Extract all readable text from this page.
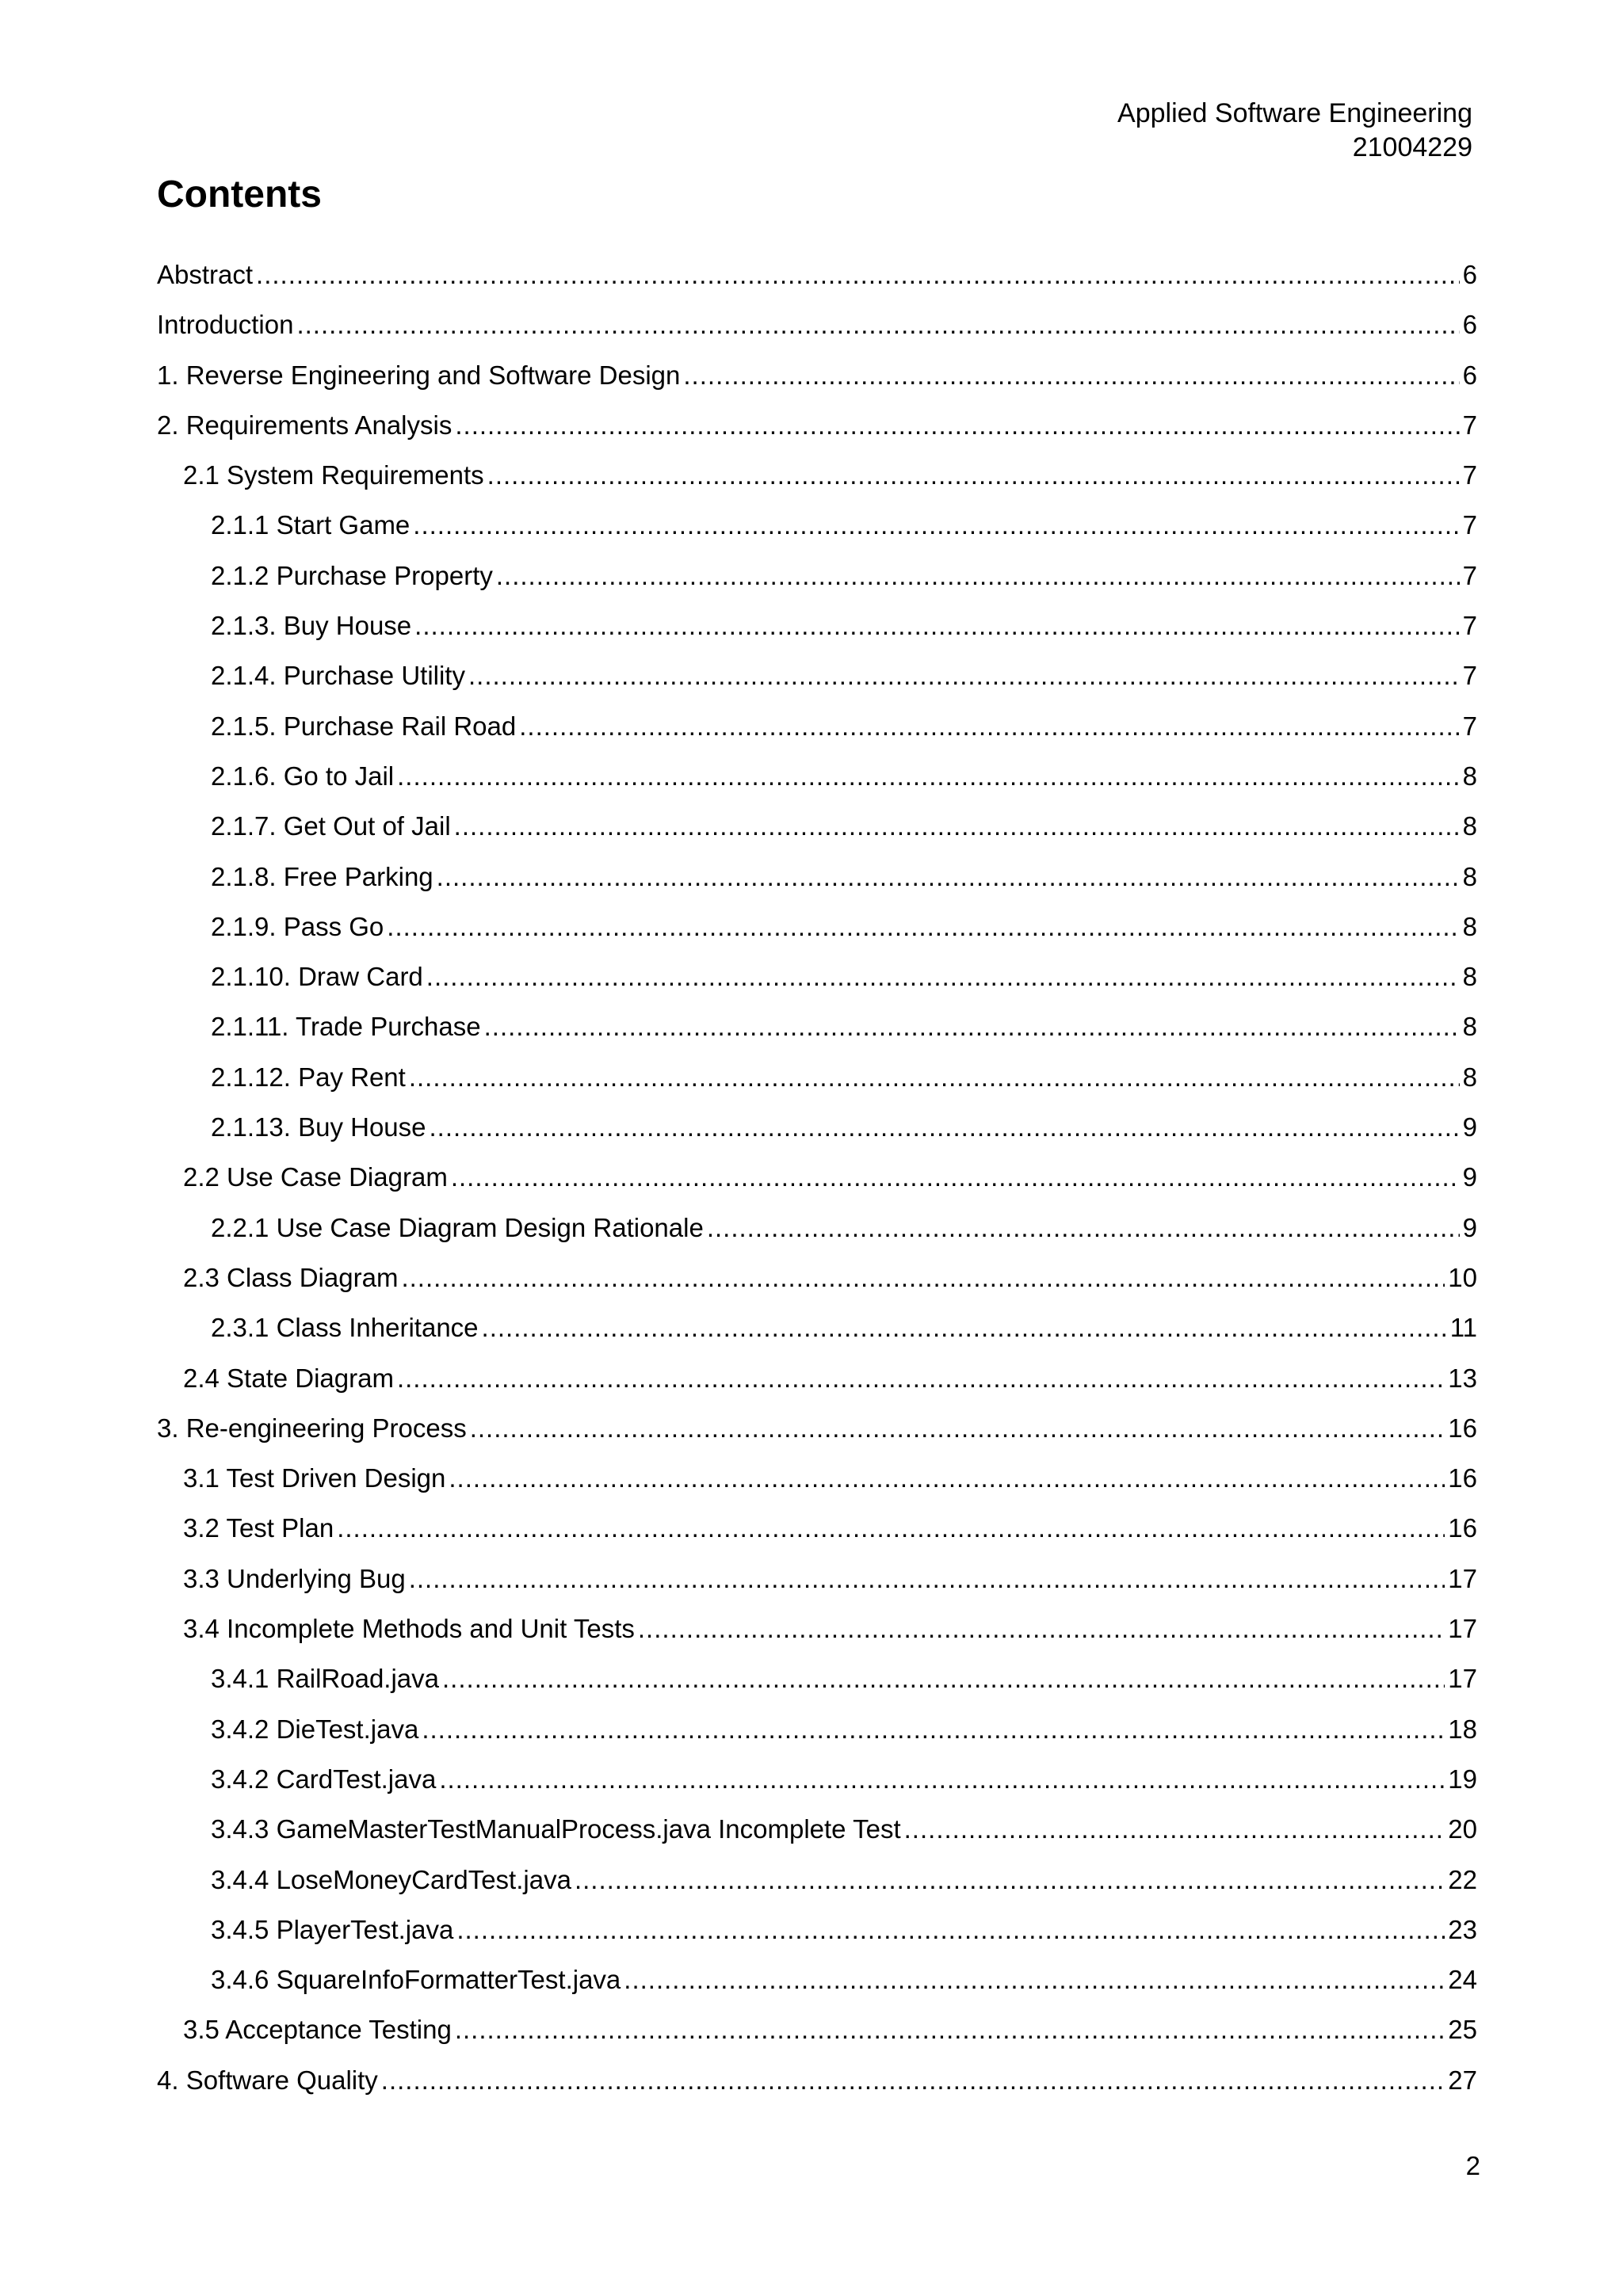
Applied Software Engineering
21004229
Contents
Abstract .....	6
Introduction .....	6
1. Reverse Engineering and Software Design .....	6
2. Requirements Analysis .....	7
2.1 System Requirements .....	7
2.1.1 Start Game .....	7
2.1.2 Purchase Property .....	7
2.1.3. Buy House .....	7
2.1.4. Purchase Utility .....	7
2.1.5. Purchase Rail Road .....	7
2.1.6. Go to Jail .....	8
2.1.7. Get Out of Jail .....	8
2.1.8. Free Parking .....	8
2.1.9. Pass Go .....	8
2.1.10. Draw Card .....	8
2.1.11. Trade Purchase .....	8
2.1.12. Pay Rent .....	8
2.1.13. Buy House .....	9
2.2 Use Case Diagram .....	9
2.2.1 Use Case Diagram Design Rationale .....	9
2.3 Class Diagram .....	10
2.3.1 Class Inheritance .....	11
2.4 State Diagram .....	13
3. Re-engineering Process .....	16
3.1 Test Driven Design .....	16
3.2 Test Plan .....	16
3.3 Underlying Bug .....	17
3.4 Incomplete Methods and Unit Tests .....	17
3.4.1 RailRoad.java .....	17
3.4.2 DieTest.java .....	18
3.4.2 CardTest.java .....	19
3.4.3 GameMasterTestManualProcess.java Incomplete Test .....	20
3.4.4 LoseMoneyCardTest.java .....	22
3.4.5 PlayerTest.java .....	23
3.4.6 SquareInfoFormatterTest.java .....	24
3.5 Acceptance Testing .....	25
4. Software Quality .....	27
2
